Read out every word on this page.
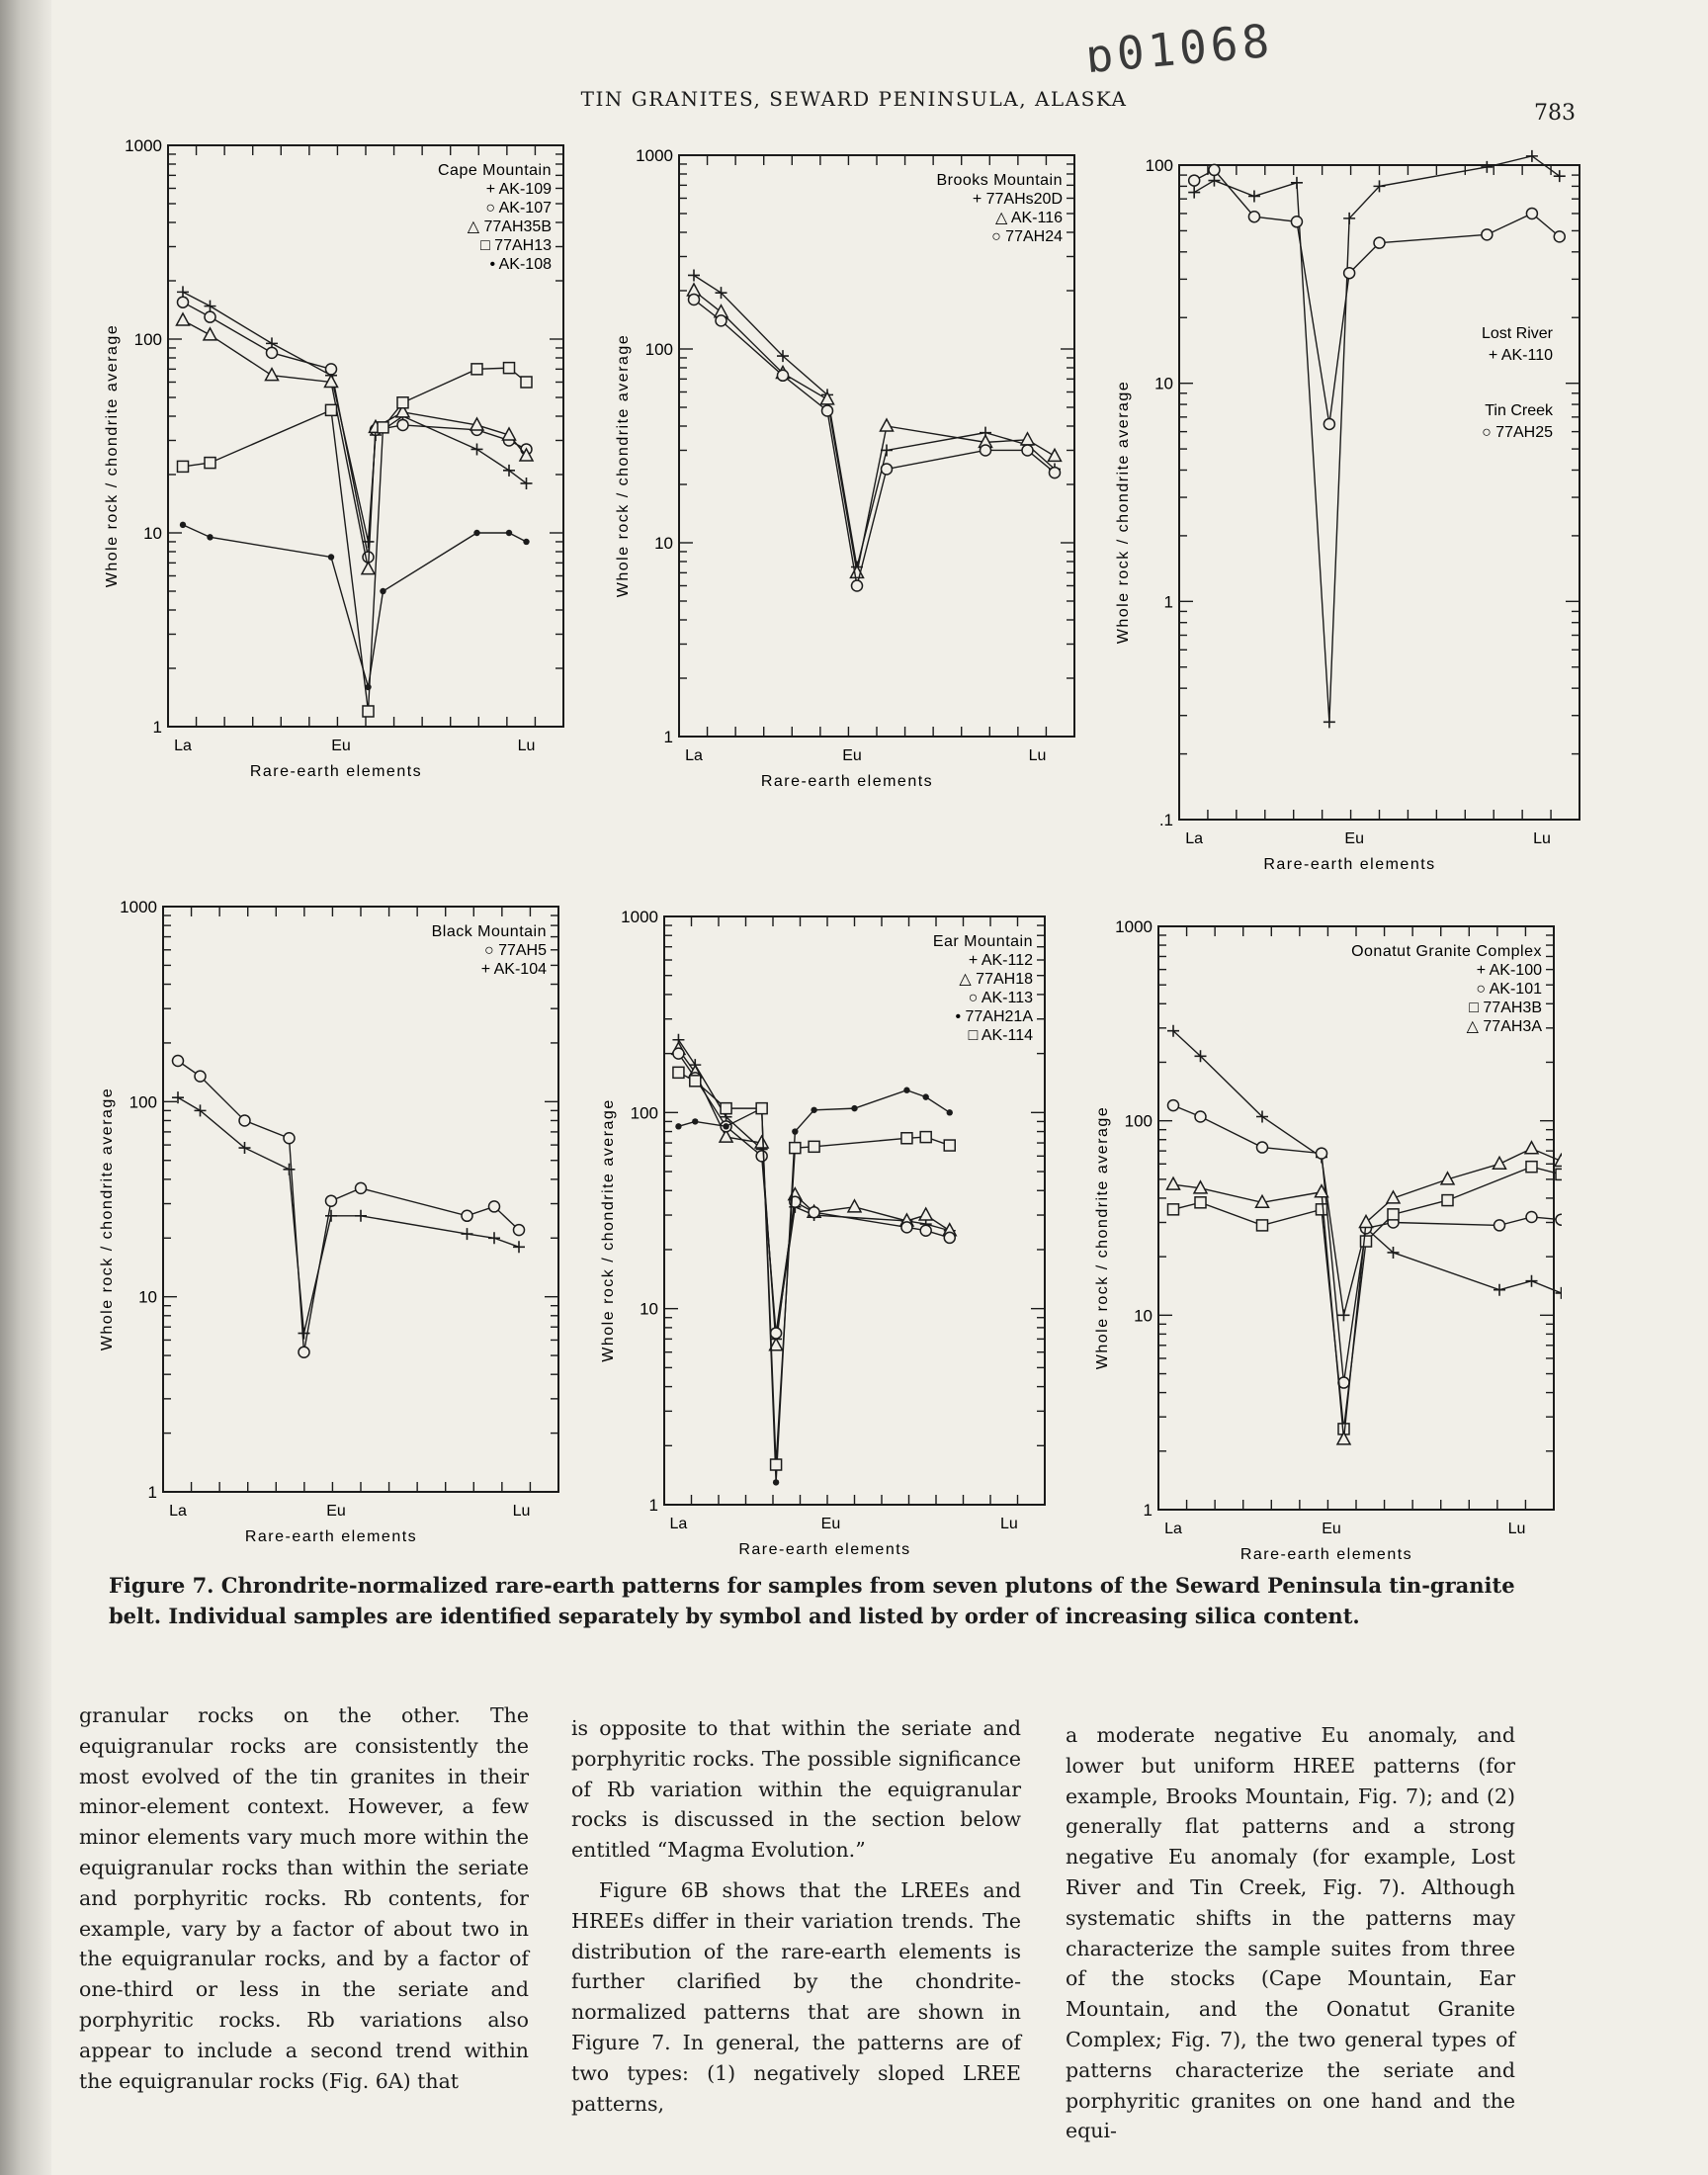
ɒ01068
TIN GRANITES, SEWARD PENINSULA, ALASKA
783
1
10
100
1000
La	Eu	Lu
Rare-earth elements
Whole rock / chondrite average
Cape Mountain
+ AK-109
○ AK-107
△ 77AH35B
□ 77AH13
• AK-108
1
10
100
1000
La	Eu	Lu
Rare-earth elements
Whole rock / chondrite average
Brooks Mountain
+ 77AHs20D
△ AK-116
○ 77AH24
.1
1
10
100
La	Eu	Lu
Rare-earth elements
Whole rock / chondrite average
Lost River
+ AK-110
Tin Creek
○ 77AH25
1
10
100
1000
La	Eu	Lu
Rare-earth elements
Whole rock / chondrite average
Black Mountain
○ 77AH5
+ AK-104
1
10
100
1000
La	Eu	Lu
Rare-earth elements
Whole rock / chondrite average
Ear Mountain
+ AK-112
△ 77AH18
○ AK-113
• 77AH21A
□ AK-114
1
10
100
1000
La	Eu	Lu
Rare-earth elements
Whole rock / chondrite average
Oonatut Granite Complex
+ AK-100
○ AK-101
□ 77AH3B
△ 77AH3A
Figure 7. Chrondrite-normalized rare-earth patterns for samples from seven plutons of the Seward Peninsula tin-granite belt. Individual samples are identified separately by symbol and listed by order of increasing silica content.

granular rocks on the other. The equigranular rocks are consistently the most evolved of the tin granites in their minor-element context. However, a few minor elements vary much more within the equigranular rocks than within the seriate and porphyritic rocks. Rb contents, for example, vary by a factor of about two in the equigranular rocks, and by a factor of one-third or less in the seriate and porphyritic rocks. Rb variations also appear to include a second trend within the equigranular rocks (Fig. 6A) that

is opposite to that within the seriate and porphyritic rocks. The possible significance of Rb variation within the equigranular rocks is discussed in the section below entitled “Magma Evolution.”

Figure 6B shows that the LREEs and HREEs differ in their variation trends. The distribution of the rare-earth elements is further clarified by the chondrite-normalized patterns that are shown in Figure 7. In general, the patterns are of two types: (1) negatively sloped LREE patterns,

a moderate negative Eu anomaly, and lower but uniform HREE patterns (for example, Brooks Mountain, Fig. 7); and (2) generally flat patterns and a strong negative Eu anomaly (for example, Lost River and Tin Creek, Fig. 7). Although systematic shifts in the patterns may characterize the sample suites from three of the stocks (Cape Mountain, Ear Mountain, and the Oonatut Granite Complex; Fig. 7), the two general types of patterns characterize the seriate and porphyritic granites on one hand and the equi-
